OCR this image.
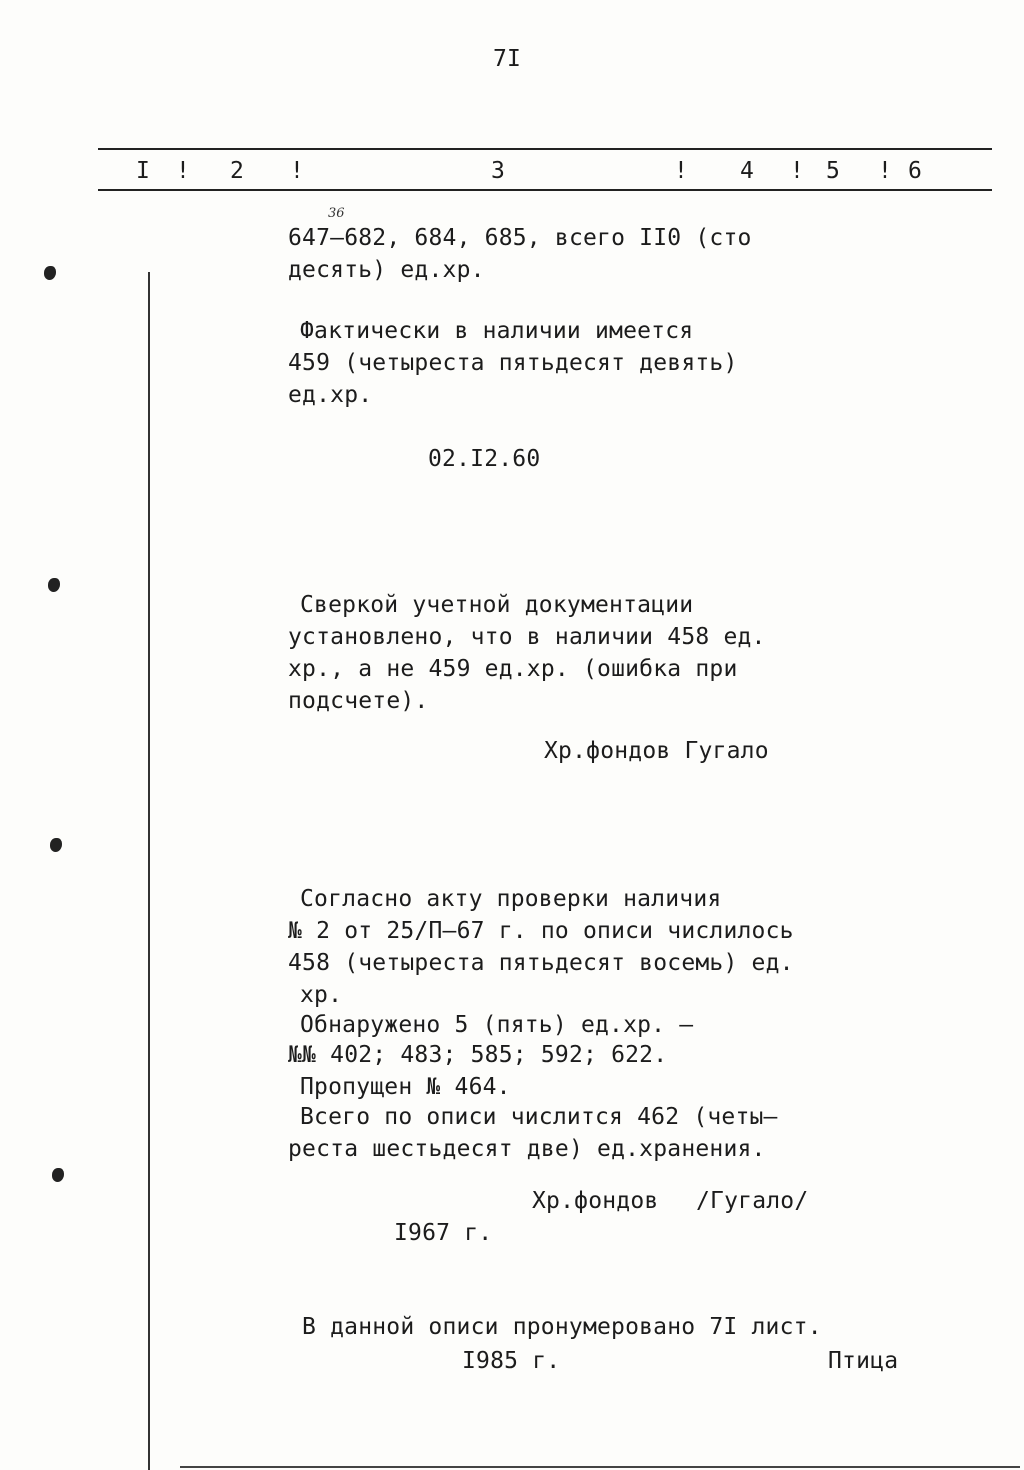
7I
I ! 2 !	3	! 4 ! 5 ! 6
36
647–682, 684, 685, всего II0 (сто
десять) ед.хр.
Фактически в наличии имеется
459 (четыреста пятьдесят девять)
ед.хр.
02.I2.60
Сверкой учетной документации
установлено, что в наличии 458 ед.
хр., а не 459 ед.хр. (ошибка при
подсчете).
Хр.фондов Гугало
Согласно акту проверки наличия
№ 2 от 25/П–67 г. по описи числилось
458 (четыреста пятьдесят восемь) ед.
хр.
Обнаружено 5 (пять) ед.хр. –
№№ 402; 483; 585; 592; 622.
Пропущен № 464.
Всего по описи числится 462 (четы–
реста шестьдесят две) ед.хранения.
Хр.фондов /Гугало/
I967 г.
В данной описи пронумеровано 7I лист.
I985 г.	Птица
